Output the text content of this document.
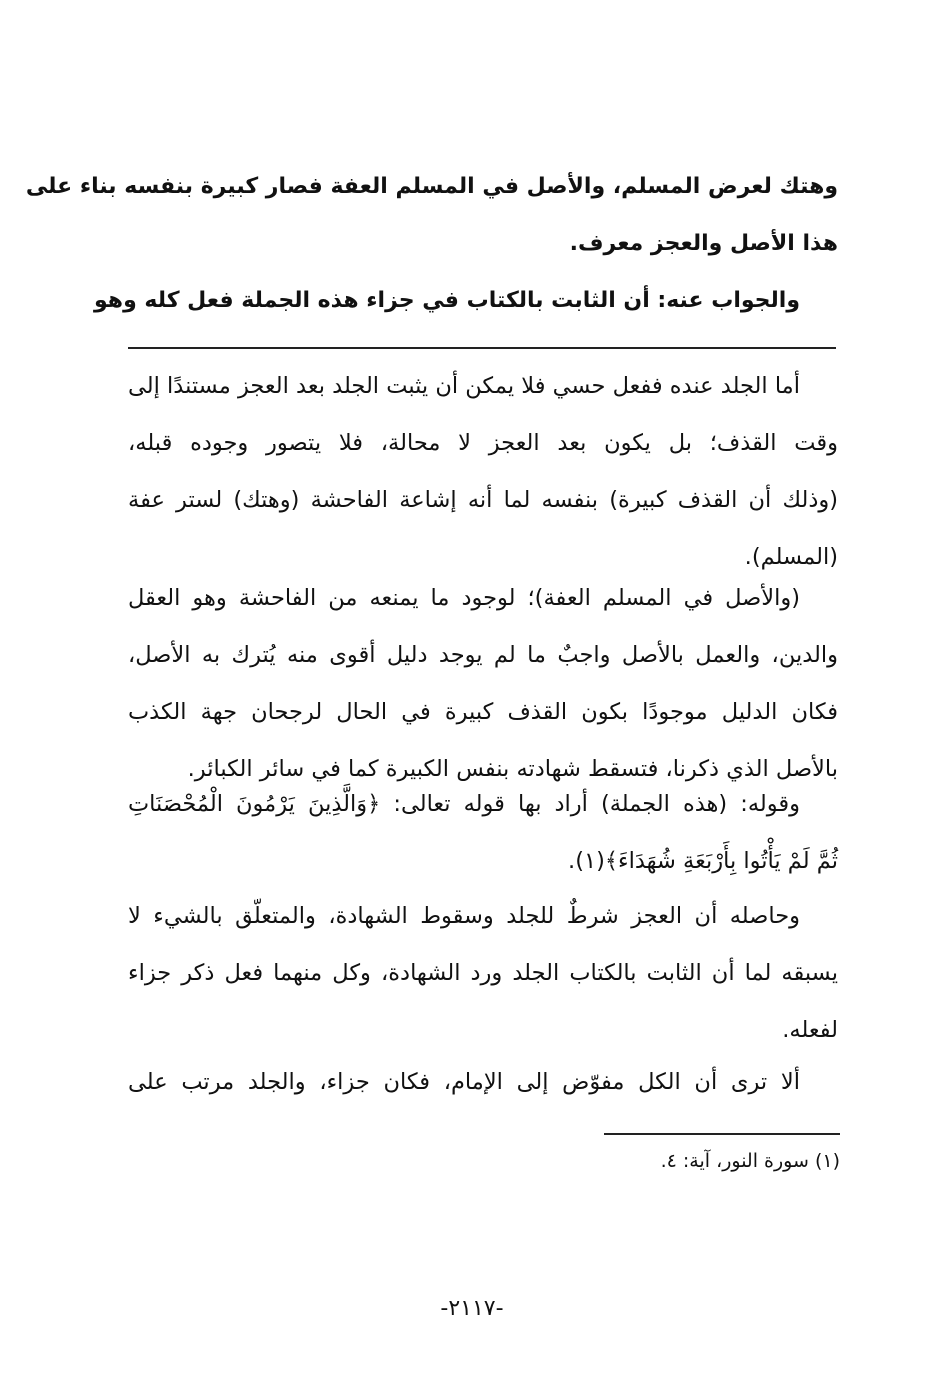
وهتك لعرض المسلم، والأصل في المسلم العفة فصار كبيرة بنفسه بناء على
هذا الأصل والعجز معرف.
والجواب عنه: أن الثابت بالكتاب في جزاء هذه الجملة فعل كله وهو
أما الجلد عنده ففعل حسي فلا يمكن أن يثبت الجلد بعد العجز مستندًا إلى
وقت القذف؛ بل يكون بعد العجز لا محالة، فلا يتصور وجوده قبله،
(وذلك أن القذف كبيرة) بنفسه لما أنه إشاعة الفاحشة (وهتك) لستر عفة
(المسلم).
(والأصل في المسلم العفة)؛ لوجود ما يمنعه من الفاحشة وهو العقل
والدين، والعمل بالأصل واجبٌ ما لم يوجد دليل أقوى منه يُترك به الأصل،
فكان الدليل موجودًا بكون القذف كبيرة في الحال لرجحان جهة الكذب
بالأصل الذي ذكرنا، فتسقط شهادته بنفس الكبيرة كما في سائر الكبائر.
وقوله: (هذه الجملة) أراد بها قوله تعالى: ﴿وَالَّذِينَ يَرْمُونَ الْمُحْصَنَاتِ
ثُمَّ لَمْ يَأْتُوا بِأَرْبَعَةِ شُهَدَاءَ﴾(١).
وحاصله أن العجز شرطٌ للجلد وسقوط الشهادة، والمتعلّق بالشيء لا
يسبقه لما أن الثابت بالكتاب الجلد ورد الشهادة، وكل منهما فعل ذكر جزاء
لفعله.
ألا ترى أن الكل مفوّض إلى الإمام، فكان جزاء، والجلد مرتب على
(١) سورة النور، آية: ٤.
-٢١١٧-
